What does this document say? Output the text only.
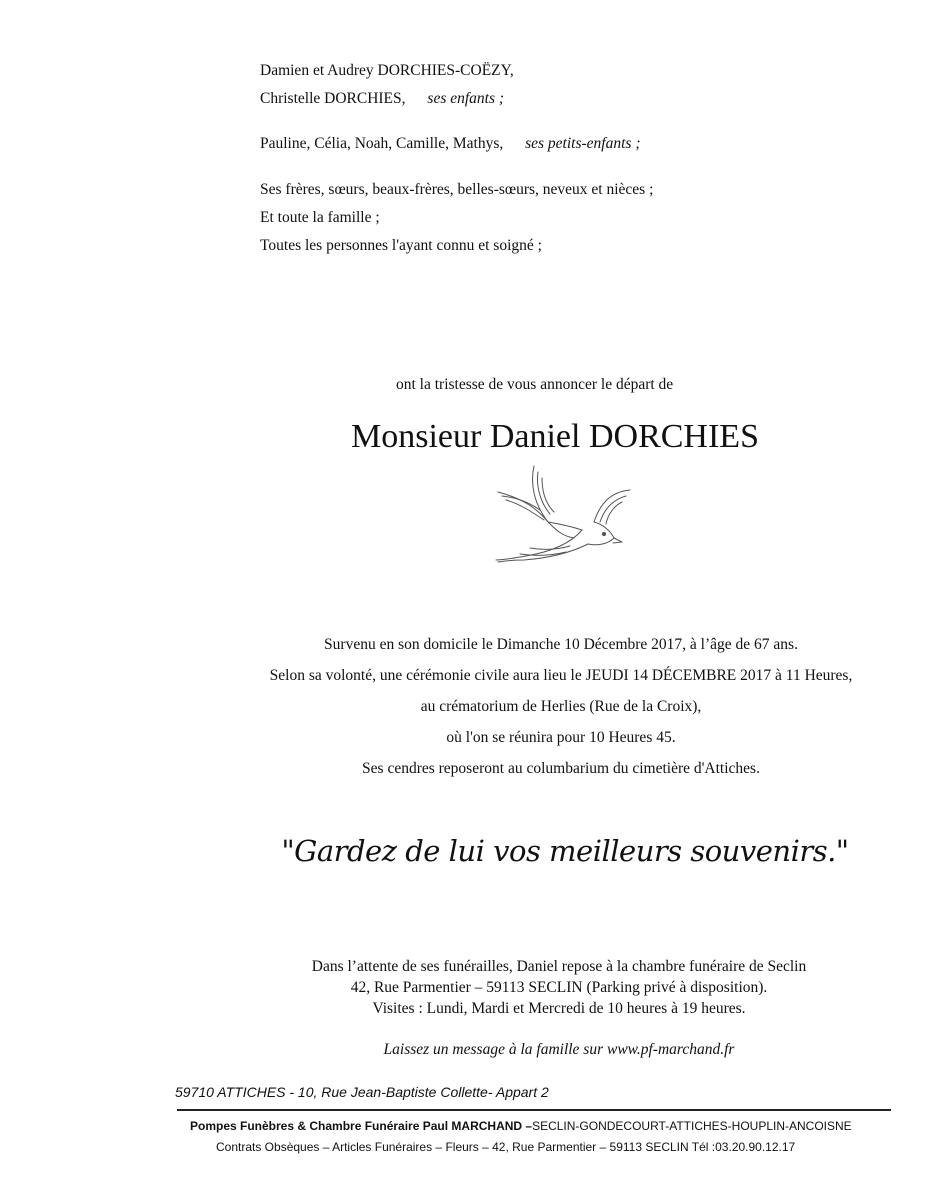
Damien et Audrey DORCHIES-COËZY,
Christelle DORCHIES, ses enfants ;
Pauline, Célia, Noah, Camille, Mathys, ses petits-enfants ;
Ses frères, sœurs, beaux-frères, belles-sœurs, neveux et nièces ;
Et toute la famille ;
Toutes les personnes l'ayant connu et soigné ;
ont la tristesse de vous annoncer le départ de
Monsieur Daniel DORCHIES
Survenu en son domicile le Dimanche 10 Décembre 2017, à l’âge de 67 ans.
Selon sa volonté, une cérémonie civile aura lieu le JEUDI 14 DÉCEMBRE 2017 à 11 Heures,
au crématorium de Herlies (Rue de la Croix),
où l'on se réunira pour 10 Heures 45.
Ses cendres reposeront au columbarium du cimetière d'Attiches.
"Gardez de lui vos meilleurs souvenirs."
Dans l’attente de ses funérailles, Daniel repose à la chambre funéraire de Seclin
42, Rue Parmentier – 59113 SECLIN (Parking privé à disposition).
Visites : Lundi, Mardi et Mercredi de 10 heures à 19 heures.
Laissez un message à la famille sur www.pf-marchand.fr
59710 ATTICHES - 10, Rue Jean-Baptiste Collette- Appart 2
Pompes Funèbres & Chambre Funéraire Paul MARCHAND –SECLIN-GONDECOURT-ATTICHES-HOUPLIN-ANCOISNE
Contrats Obsèques – Articles Funéraires – Fleurs – 42, Rue Parmentier – 59113 SECLIN Tél :03.20.90.12.17
